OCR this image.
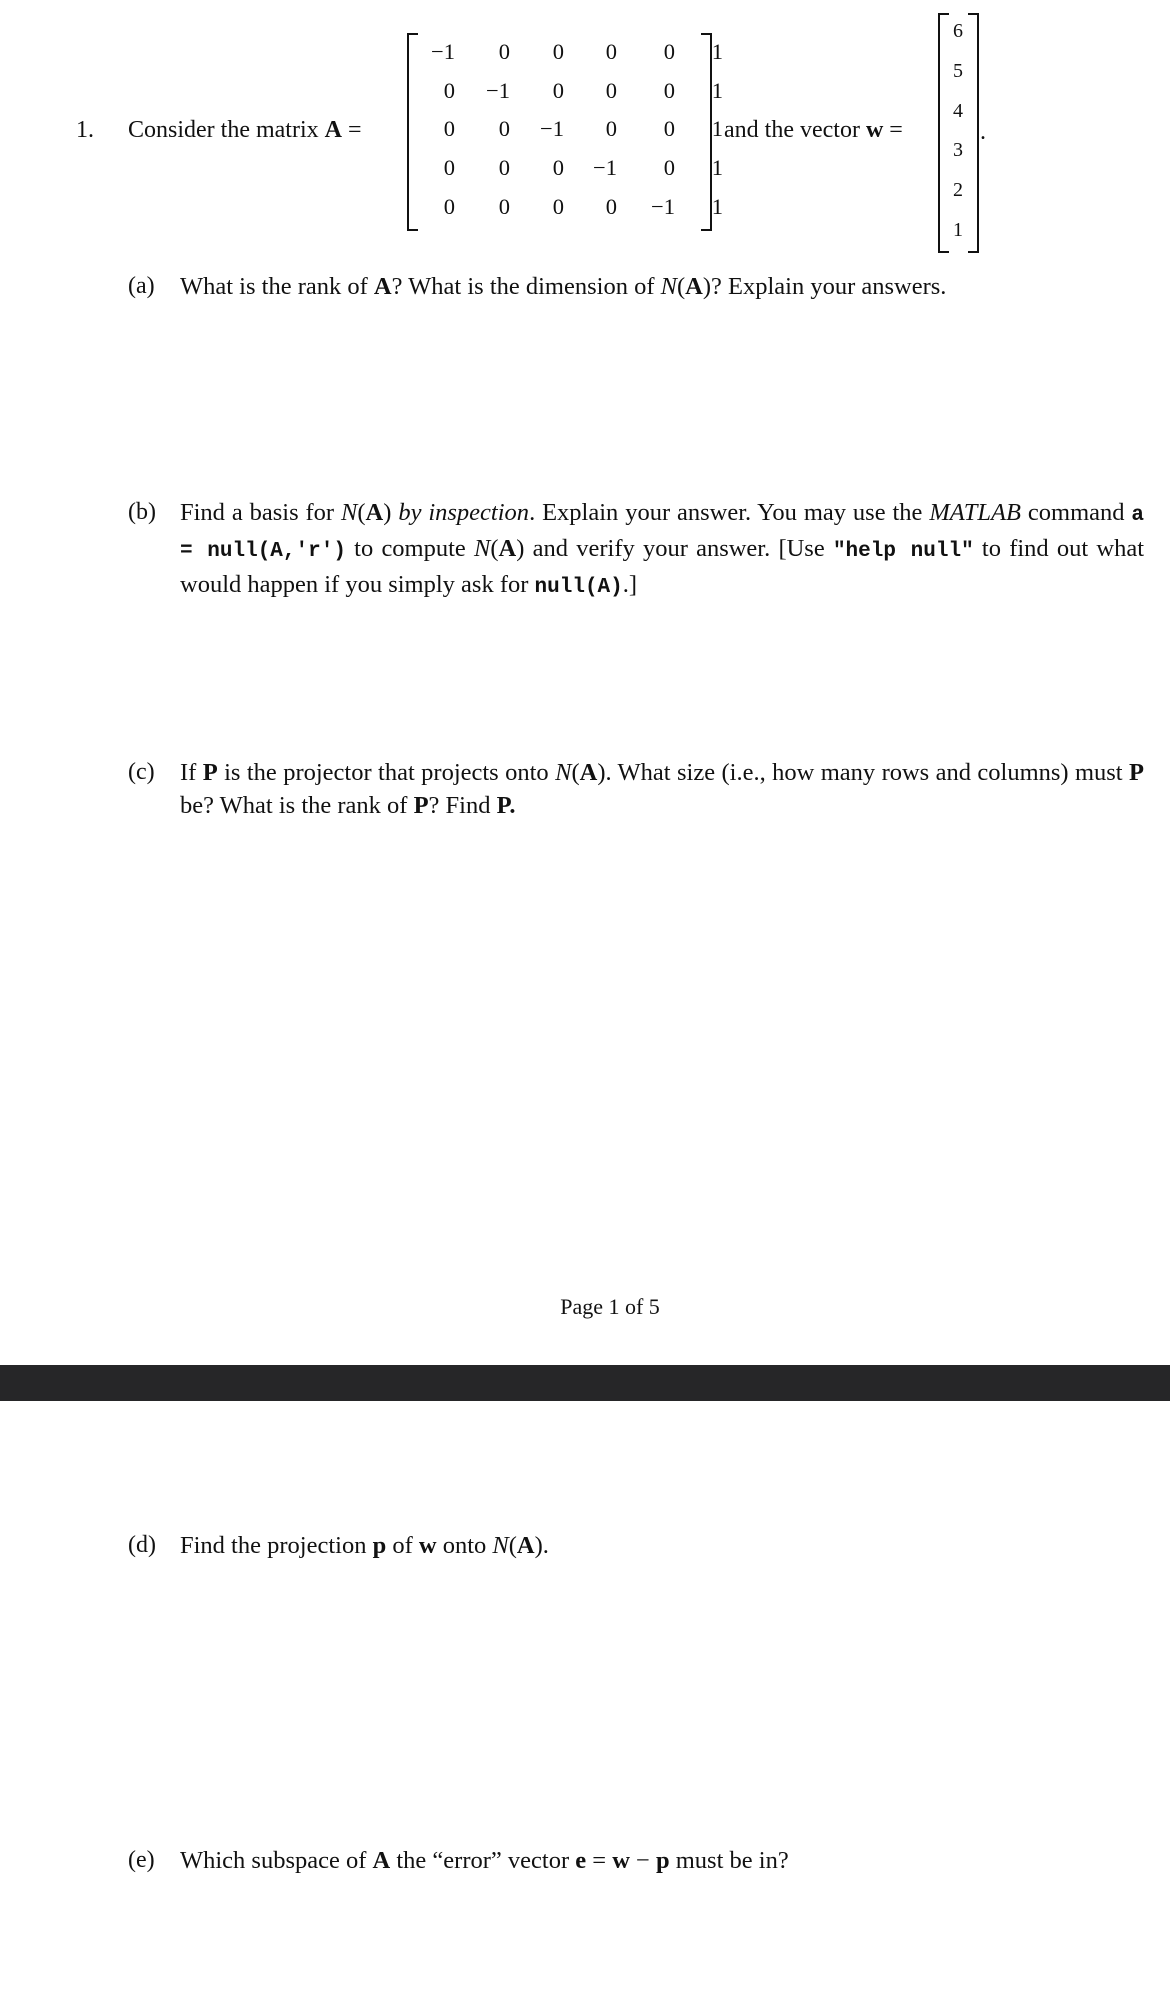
1. Consider the matrix A =
−1	0	0	0	0	1
0	−1	0	0	0	1
0	0	−1	0	0	1
0	0	0	−1	0	1
0	0	0	0	−1	1
and the vector w =
6
5
4
3
2
1
.
(a) What is the rank of A? What is the dimension of N(A)? Explain your answers.
(b) Find a basis for N(A) by inspection. Explain your answer. You may use the MATLAB command a = null(A,'r') to compute N(A) and verify your answer. [Use "help null" to find out what would happen if you simply ask for null(A).]
(c) If P is the projector that projects onto N(A). What size (i.e., how many rows and columns) must P be? What is the rank of P? Find P.
Page 1 of 5
(d) Find the projection p of w onto N(A).
(e) Which subspace of A the “error” vector e = w − p must be in?
